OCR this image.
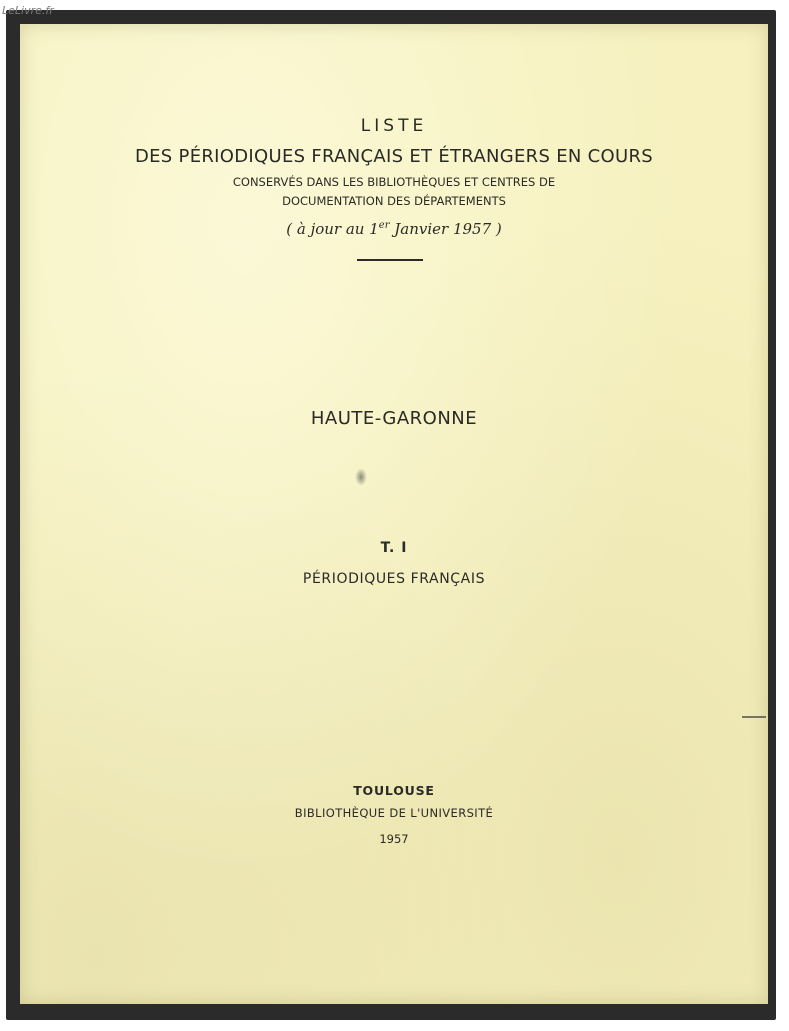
LISTE
DES PÉRIODIQUES FRANÇAIS ET ÉTRANGERS EN COURS
CONSERVÉS DANS LES BIBLIOTHÈQUES ET CENTRES DE
DOCUMENTATION DES DÉPARTEMENTS
( à jour au 1er Janvier 1957 )
HAUTE-GARONNE
T. I
PÉRIODIQUES FRANÇAIS
TOULOUSE
BIBLIOTHÈQUE DE L'UNIVERSITÉ
1957
LeLivre.fr
